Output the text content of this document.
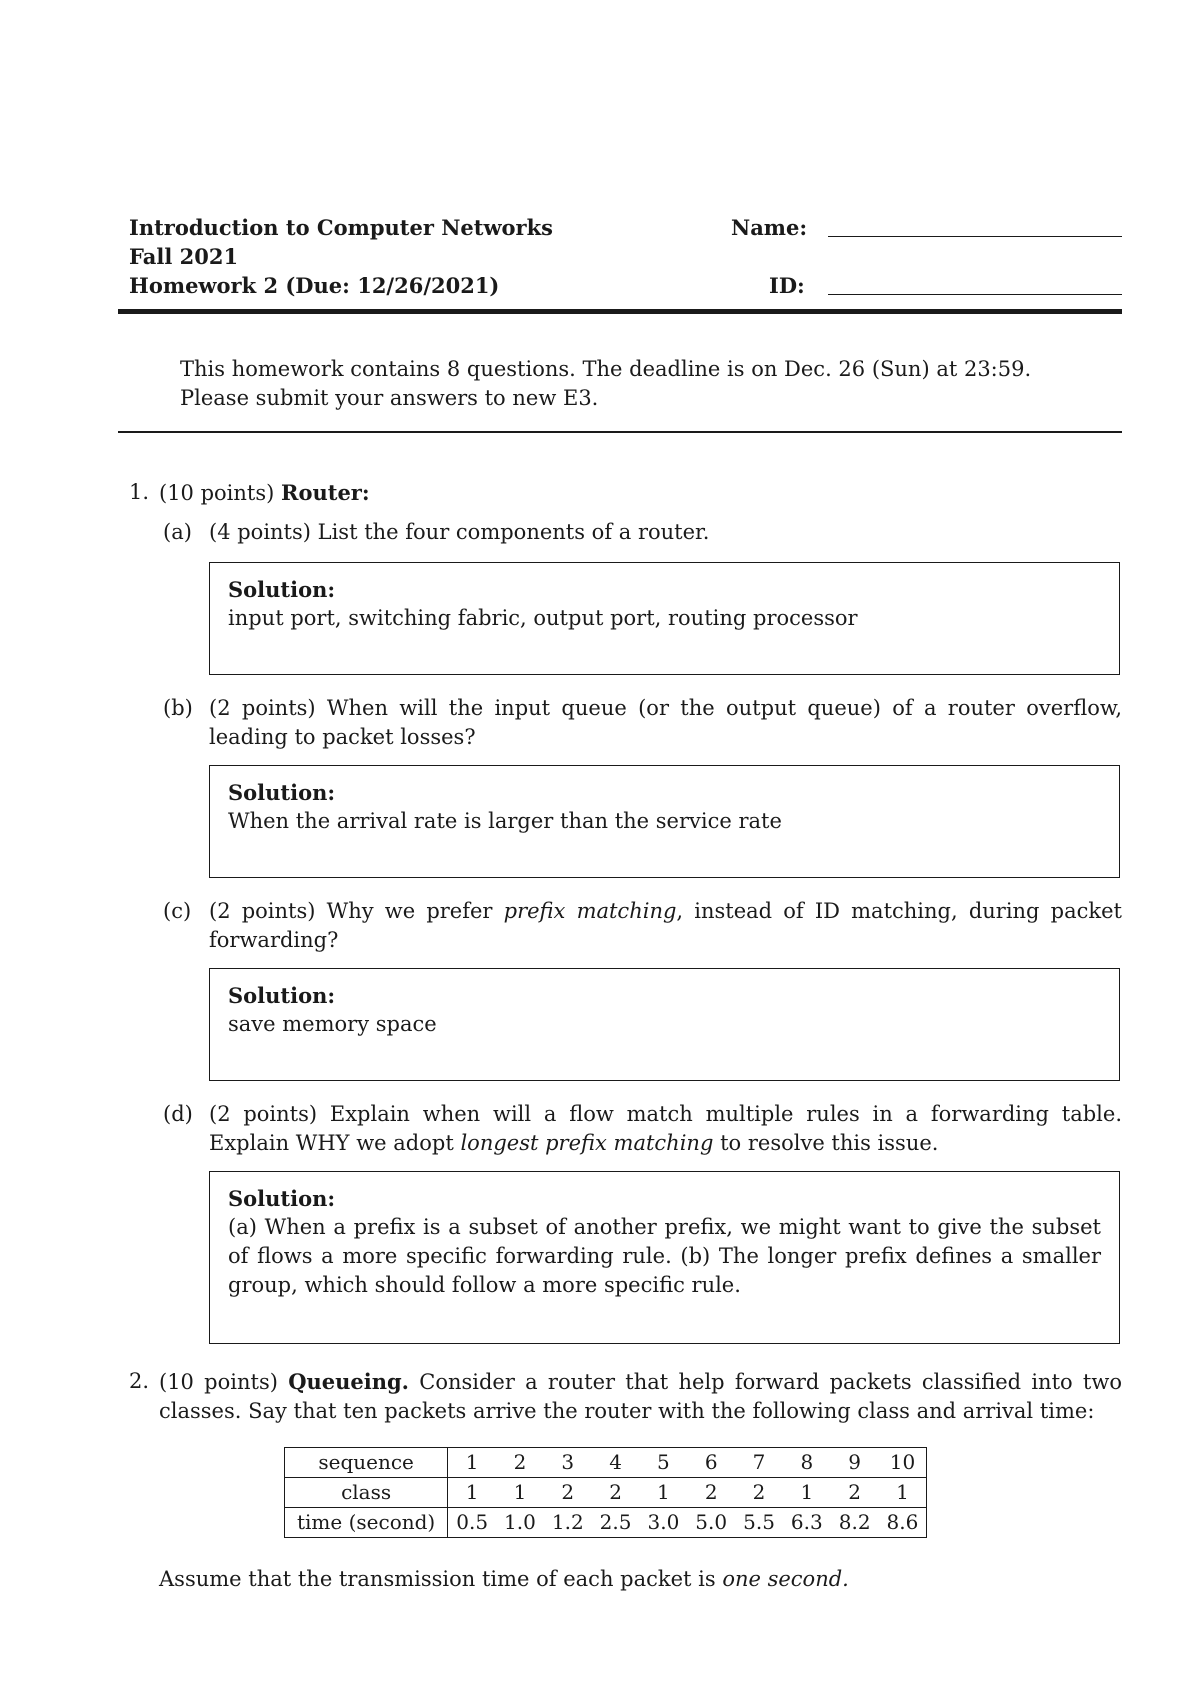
Introduction to Computer Networks	Name:
Fall 2021
Homework 2 (Due: 12/26/2021)	ID:
This homework contains 8 questions. The deadline is on Dec. 26 (Sun) at 23:59.
Please submit your answers to new E3.
1. (10 points) Router:
(a) (4 points) List the four components of a router.
Solution:
input port, switching fabric, output port, routing processor
(b) (2 points) When will the input queue (or the output queue) of a router overflow, leading to packet losses?
Solution:
When the arrival rate is larger than the service rate
(c) (2 points) Why we prefer prefix matching, instead of ID matching, during packet forwarding?
Solution:
save memory space
(d) (2 points) Explain when will a flow match multiple rules in a forwarding table. Explain WHY we adopt longest prefix matching to resolve this issue.
Solution:
(a) When a prefix is a subset of another prefix, we might want to give the subset of flows a more specific forwarding rule. (b) The longer prefix defines a smaller group, which should follow a more specific rule.
2. (10 points) Queueing. Consider a router that help forward packets classified into two classes. Say that ten packets arrive the router with the following class and arrival time:
sequence	1	2	3	4	5	6	7	8	9	10
class	1	1	2	2	1	2	2	1	2	1
time (second)	0.5	1.0	1.2	2.5	3.0	5.0	5.5	6.3	8.2	8.6
Assume that the transmission time of each packet is one second.
